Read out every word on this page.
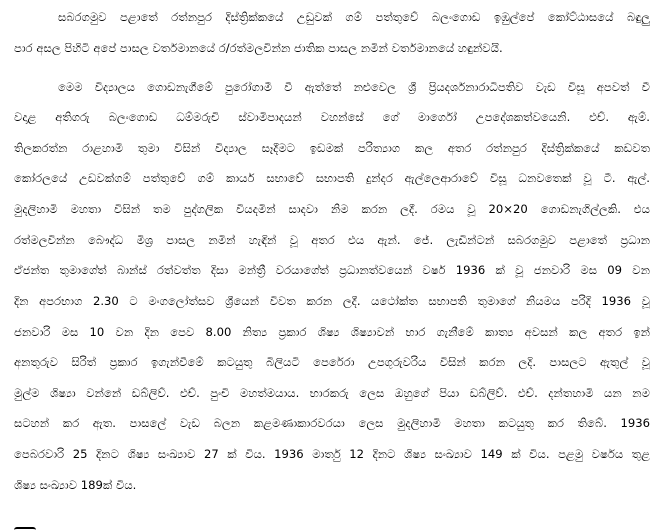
සබරගමුව පළාතේ රත්නපුර දිස්ත්‍රික්කයේ උඩුවක් ගම් පත්තුවේ බලංගොඩ ඉඹුල්පේ කෝට්ඨාසයේ බඳුලු
පාර අසල පිහිටි අපේ පාසල වර්තමානයේ ර/රත්මලවින්න ජාතික පාසල නමින් වර්තමානයේ හඳුන්වයි.
මෙම විද්‍යාලය ගොඩනැගීමේ පුරෝගාමී වී ඇත්තේ නළුවෙල ශ්‍රී ප්‍රියදර්ශනාරාධිපතිව වැඩ විසූ අපවත් වී
වදාළ අතිගරු බලංගොඩ ධම්මරුචි ස්වාමිපාදයන් වහන්සේ ගේ මාර්ගෝ උපදේශකත්වයෙනි. එච්. ඇම්.
තිලකරත්න රාළහාමි තුමා විසින් විද්‍යාල සෑදීමට ඉඩමක් පරිත්‍යාග කල අතර රත්නපුර දිස්ත්‍රික්කයේ කඩවත
කෝරලයේ උඩවක්ගම් පත්තුවේ ගම් කාර්ය සභාවේ සභාපති දුන්දර ඇල්ලෙආරාවේ විසූ ධනවතෙක් වූ ටී. ඇල්.
මුදලිහාමි මහතා විසින් තම පුද්ගලික වියදමින් සාදවා නිම කරන ලදී. රමය වූ 20×20 ගොඩනැගිල්ලකි. එය
රත්මලවින්න බෞද්ධ මිශ්‍ර පාසල නමින් හැඳින් වූ අතර එය ඇන්. ජේ. ලැඩින්ටන් සබරගමුව පළාතේ ප්‍රධාන
ඒජන්ත තුමාගේත් බාන්ස් රත්වත්ත දිසා මන්ත්‍රී වරයාගේත් ප්‍රධානත්වයෙන් වර්ෂ 1936 ක් වූ ජනවාරි මස 09 වන
දින අපරභාග 2.30 ට මංගලෝත්සව ශ්‍රීයෙන් විවත කරන ලදී. යථෝක්ත සභාපති තුමාගේ නියමය පරිදි 1936 වූ
ජනවාරි මස 10 වන දින පෙව 8.00 නිත්‍ය ප්‍රකාර ශිෂ්‍ය ශිෂ්‍යාවන් භාර ගැනීමේ කාත්‍ය අවසන් කල අතර ඉන්
අනතුරුව සිරිත් ප්‍රකාර ඉගැන්වීමේ කටයුතු බිලියටි පෙරේරා උපගුරුවරිය විසින් කරන ලදි. පාසලට ඇතුල් වූ
මුල්ම ශිෂ්‍යා වන්නේ ඩබ්ලිව්. එච්. පුංචි මහත්මයාය. භාරකරු ලෙස ඔහුගේ පියා ඩබ්ලිව්. එච්. දන්තහාමි යන නම
සටහන් කර ඇත. පාසලේ වැඩ බලන කළමණාකාරවරයා ලෙස මුදලිහාමි මහතා කටයුතු කර තිබේ. 1936
පෙබරවාරි 25 දිනට ශිෂ්‍ය සංඛ්‍යාව 27 ක් විය. 1936 මාර්තු 12 දිනට ශිෂ්‍ය සංඛ්‍යාව 149 ක් විය. පළමු වර්ෂය තුළ
ශිෂ්‍ය සංඛ්‍යාව 189ක් විය.
